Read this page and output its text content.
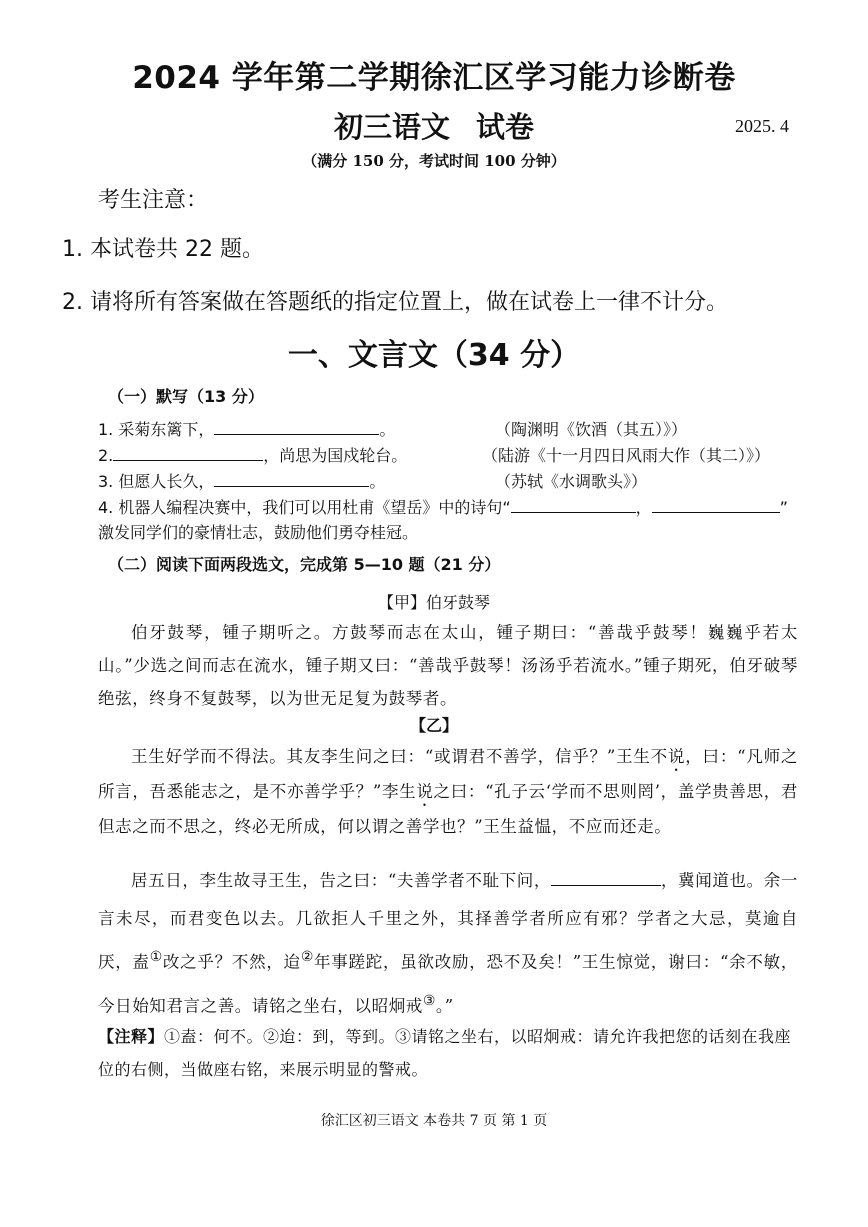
2024 学年第二学期徐汇区学习能力诊断卷
初三语文 试卷	2025. 4
（满分 150 分，考试时间 100 分钟）
考生注意：
1. 本试卷共 22 题。
2. 请将所有答案做在答题纸的指定位置上，做在试卷上一律不计分。
一、文言文（34 分）
（一）默写（13 分）
1. 采菊东篱下，	。	（陶渊明《饮酒（其五）》）
2.	，尚思为国戍轮台。	（陆游《十一月四日风雨大作（其二）》）
3. 但愿人长久，	。	（苏轼《水调歌头》）
4. 机器人编程决赛中，我们可以用杜甫《望岳》中的诗句“	，	”
激发同学们的豪情壮志，鼓励他们勇夺桂冠。
（二）阅读下面两段选文，完成第 5—10 题（21 分）
【甲】伯牙鼓琴
伯牙鼓琴，锺子期听之。方鼓琴而志在太山，锺子期曰：“善哉乎鼓琴！巍巍乎若太山。”少选之间而志在流水，锺子期又曰：“善哉乎鼓琴！汤汤乎若流水。”锺子期死，伯牙破琴绝弦，终身不复鼓琴，以为世无足复为鼓琴者。
【乙】
王生好学而不得法。其友李生问之曰：“或谓君不善学，信乎？”王生不说，曰：“凡师之所言，吾悉能志之，是不亦善学乎？”李生说之曰：“孔子云‘学而不思则罔’，盖学贵善思，君但志之而不思之，终必无所成，何以谓之善学也？”王生益愠，不应而还走。
居五日，李生故寻王生，告之曰：“夫善学者不耻下问，	，冀闻道也。余一言未尽，而君变色以去。几欲拒人千里之外，其择善学者所应有邪？学者之大忌，莫逾自厌，盍①改之乎？不然，迨②年事蹉跎，虽欲改励，恐不及矣！”王生惊觉，谢曰：“余不敏，今日始知君言之善。请铭之坐右，以昭炯戒③。”
【注释】①盍：何不。②迨：到，等到。③请铭之坐右，以昭炯戒：请允许我把您的话刻在我座位的右侧，当做座右铭，来展示明显的警戒。
徐汇区初三语文 本卷共 7 页 第 1 页
